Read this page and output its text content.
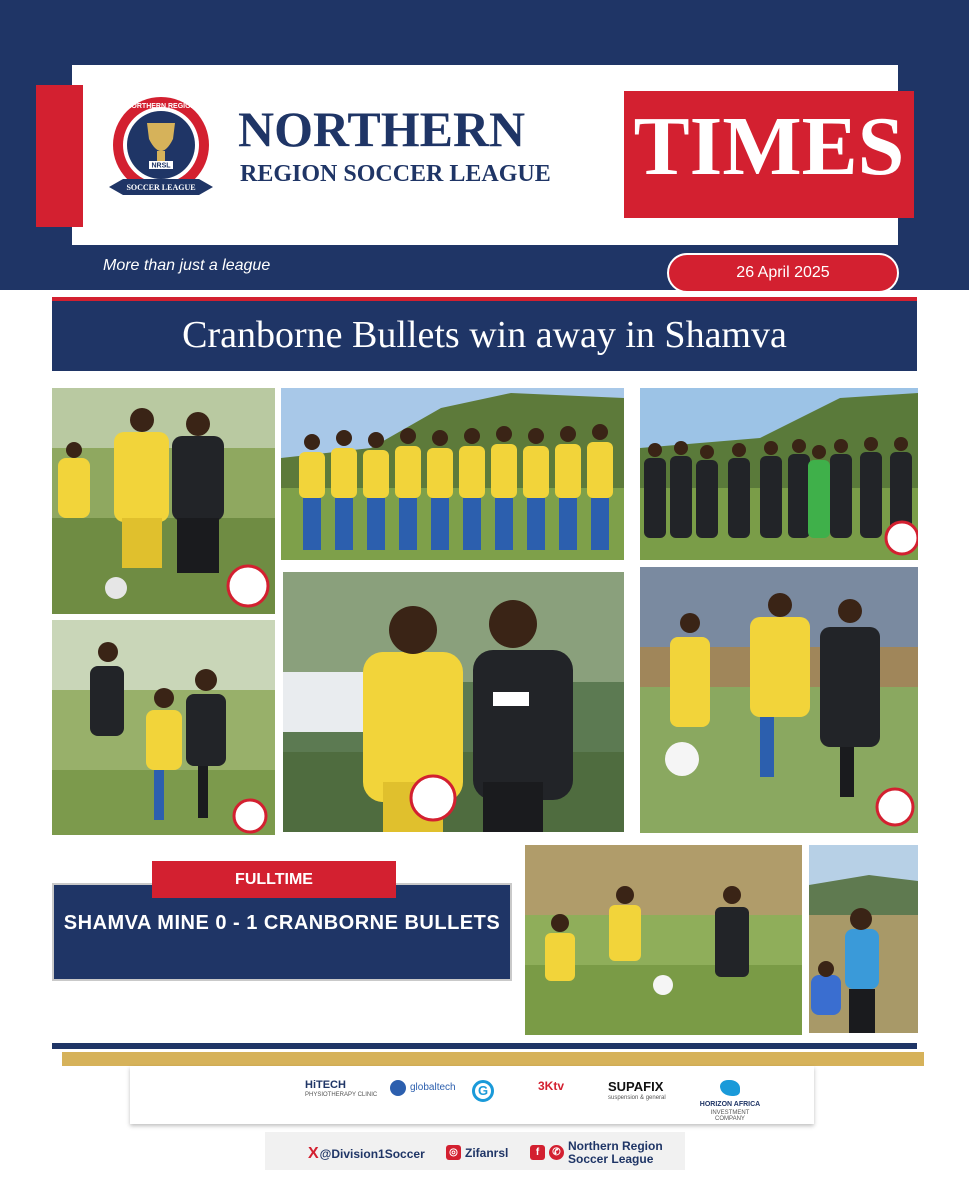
NRSL
NORTHERN REGION
SOCCER LEAGUE
NORTHERN
REGION SOCCER LEAGUE TIMES
More than just a league	26 April 2025
Cranborne Bullets win away in Shamva
FULLTIME
SHAMVA MINE 0 - 1 CRANBORNE BULLETS
HiTECH
PHYSIOTHERAPY CLINIC
globaltech	G	3Ktv	SUPAFIX
suspension & general
HORIZON AFRICA
INVESTMENT COMPANY
X @Division1Soccer	◎ Zifanrsl	f	✆ Northern Region
Soccer League
